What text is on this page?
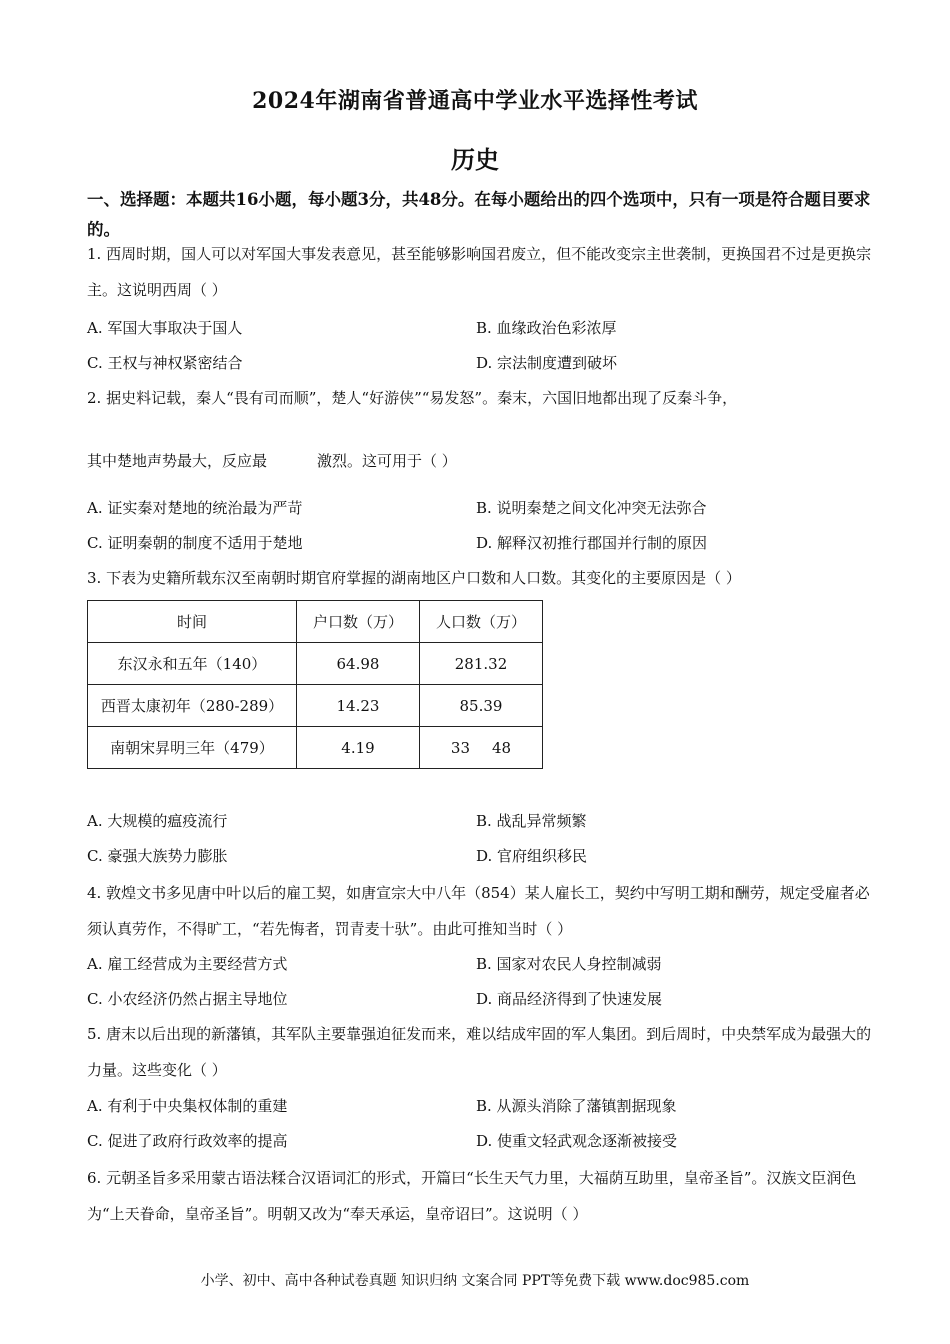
2024年湖南省普通高中学业水平选择性考试
历史
一、选择题：本题共16小题，每小题3分，共48分。在每小题给出的四个选项中，只有一项是符合题目要求的。
1. 西周时期，国人可以对军国大事发表意见，甚至能够影响国君废立，但不能改变宗主世袭制，更换国君不过是更换宗主。这说明西周（ ）
A. 军国大事取决于国人	B. 血缘政治色彩浓厚
C. 王权与神权紧密结合	D. 宗法制度遭到破坏
2. 据史料记载，秦人“畏有司而顺”，楚人“好游侠”“易发怒”。秦末，六国旧地都出现了反秦斗争，
其中楚地声势最大，反应最	激烈。这可用于（ ）
A. 证实秦对楚地的统治最为严苛	B. 说明秦楚之间文化冲突无法弥合
C. 证明秦朝的制度不适用于楚地	D. 解释汉初推行郡国并行制的原因
3. 下表为史籍所载东汉至南朝时期官府掌握的湖南地区户口数和人口数。其变化的主要原因是（ ）
时间	户口数（万）	人口数（万）
东汉永和五年（140）	64.98	281.32
西晋太康初年（280-289）	14.23	85.39
南朝宋昇明三年（479）	4.19	33 48
A. 大规模的瘟疫流行	B. 战乱异常频繁
C. 豪强大族势力膨胀	D. 官府组织移民
4. 敦煌文书多见唐中叶以后的雇工契，如唐宣宗大中八年（854）某人雇长工，契约中写明工期和酬劳，规定受雇者必须认真劳作，不得旷工，“若先悔者，罚青麦十驮”。由此可推知当时（ ）
A. 雇工经营成为主要经营方式	B. 国家对农民人身控制减弱
C. 小农经济仍然占据主导地位	D. 商品经济得到了快速发展
5. 唐末以后出现的新藩镇，其军队主要靠强迫征发而来，难以结成牢固的军人集团。到后周时，中央禁军成为最强大的力量。这些变化（ ）
A. 有利于中央集权体制的重建	B. 从源头消除了藩镇割据现象
C. 促进了政府行政效率的提高	D. 使重文轻武观念逐渐被接受
6. 元朝圣旨多采用蒙古语法糅合汉语词汇的形式，开篇曰“长生天气力里，大福荫互助里，皇帝圣旨”。汉族文臣润色为“上天眷命，皇帝圣旨”。明朝又改为“奉天承运，皇帝诏曰”。这说明（ ）
小学、初中、高中各种试卷真题 知识归纳 文案合同 PPT等免费下载 www.doc985.com
